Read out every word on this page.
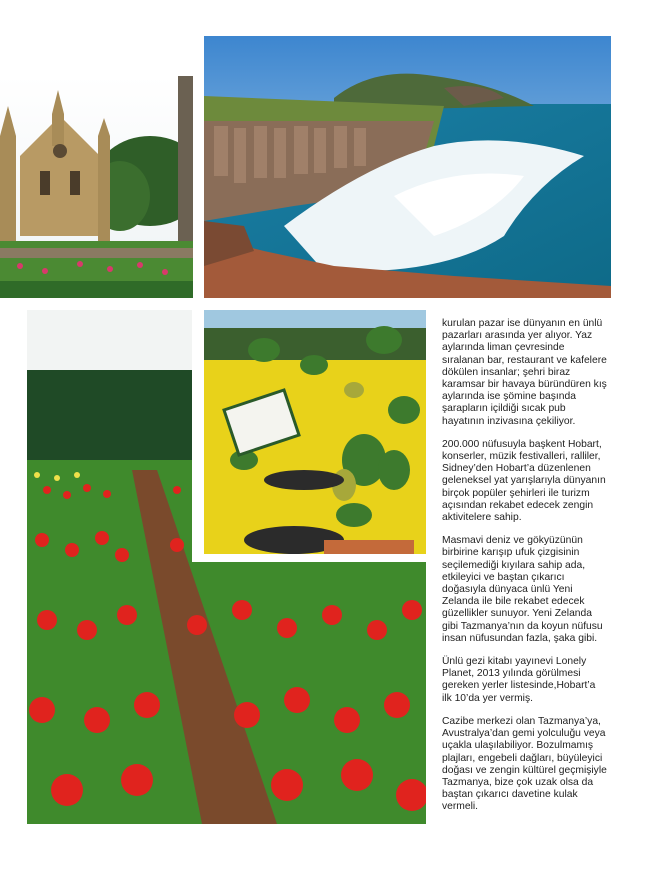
kurulan pazar ise dünyanın en ünlü pazarları arasında yer alıyor. Yaz aylarında liman çevresinde sıralanan bar, restaurant ve kafelere dökülen insanlar; şehri biraz karamsar bir havaya büründüren kış aylarında ise şöminе başında şarapların içildiği sıcak pub hayatının inzivasına çekiliyor.

200.000 nüfusuyla başkent Hobart, konserler, müzik festivalleri, ralliler, Sidney’den Hobart’a düzenlenen geleneksel yat yarışlarıyla dünyanın birçok popüler şehirleri ile turizm açısından rekabet edecek zengin aktivitelere sahip.

Masmavi deniz ve gökyüzünün birbirine karışıp ufuk çizgisinin seçilemediği kıyılara sahip ada, etkileyici ve baştan çıkarıcı doğasıyla dünyaca ünlü Yeni Zelanda ile bile rekabet edecek güzellikler sunuyor. Yeni Zelanda gibi Tazmanya’nın da koyun nüfusu insan nüfusundan fazla, şaka gibi.

Ünlü gezi kitabı yayınevi Lonely Planet, 2013 yılında görülmesi gereken yerler listesinde,Hobart’a ilk 10’da yer vermiş.

Cazibe merkezi olan Tazmanya’ya, Avustralya’dan gemi yolculuğu veya uçakla ulaşılabiliyor. Bozulmamış plajları, engebeli dağları, büyüleyici doğası ve zengin kültürel geçmişiyle Tazmanya, bize çok uzak olsa da baştan çıkarıcı davetine kulak vermeli.
